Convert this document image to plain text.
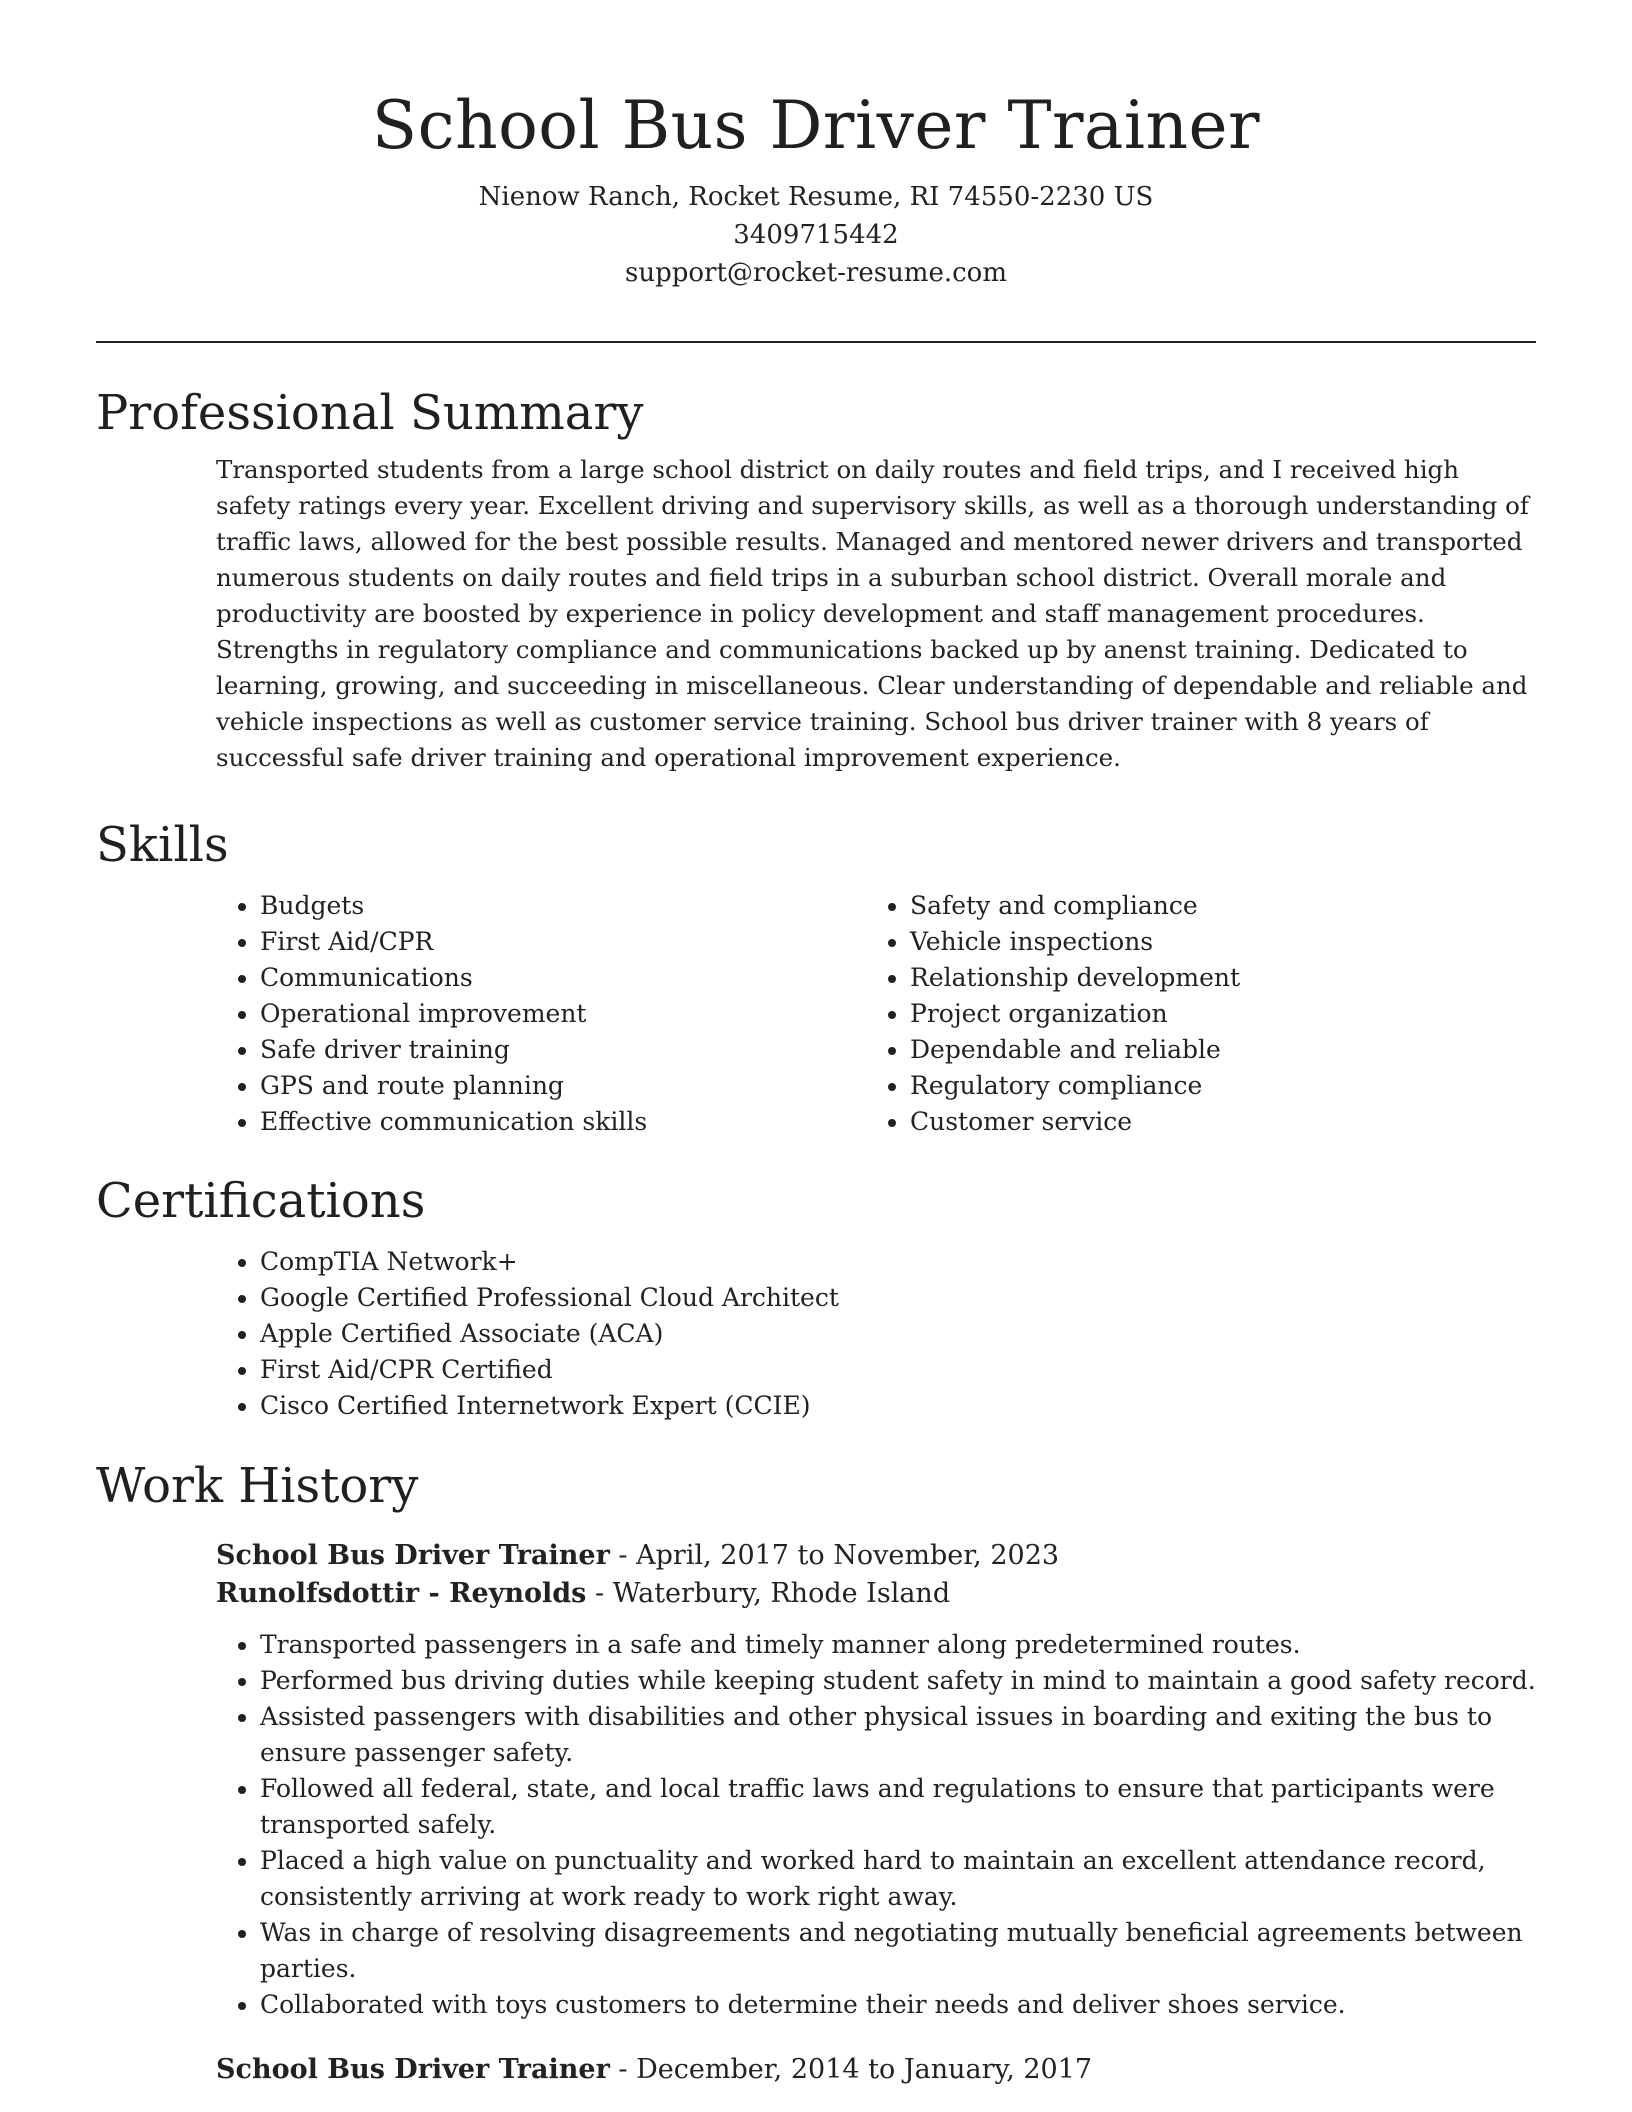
School Bus Driver Trainer
Nienow Ranch, Rocket Resume, RI 74550-2230 US
3409715442
support@rocket-resume.com
Professional Summary
Transported students from a large school district on daily routes and field trips, and I received high safety ratings every year. Excellent driving and supervisory skills, as well as a thorough understanding of traffic laws, allowed for the best possible results. Managed and mentored newer drivers and transported numerous students on daily routes and field trips in a suburban school district. Overall morale and productivity are boosted by experience in policy development and staff management procedures. Strengths in regulatory compliance and communications backed up by anenst training. Dedicated to learning, growing, and succeeding in miscellaneous. Clear understanding of dependable and reliable and vehicle inspections as well as customer service training. School bus driver trainer with 8 years of successful safe driver training and operational improvement experience.
Skills
• Budgets
• First Aid/CPR
• Communications
• Operational improvement
• Safe driver training
• GPS and route planning
• Effective communication skills
• Safety and compliance
• Vehicle inspections
• Relationship development
• Project organization
• Dependable and reliable
• Regulatory compliance
• Customer service
Certifications
• CompTIA Network+
• Google Certified Professional Cloud Architect
• Apple Certified Associate (ACA)
• First Aid/CPR Certified
• Cisco Certified Internetwork Expert (CCIE)
Work History
School Bus Driver Trainer - April, 2017 to November, 2023
Runolfsdottir - Reynolds - Waterbury, Rhode Island
• Transported passengers in a safe and timely manner along predetermined routes.
• Performed bus driving duties while keeping student safety in mind to maintain a good safety record.
• Assisted passengers with disabilities and other physical issues in boarding and exiting the bus to ensure passenger safety.
• Followed all federal, state, and local traffic laws and regulations to ensure that participants were transported safely.
• Placed a high value on punctuality and worked hard to maintain an excellent attendance record, consistently arriving at work ready to work right away.
• Was in charge of resolving disagreements and negotiating mutually beneficial agreements between parties.
• Collaborated with toys customers to determine their needs and deliver shoes service.
School Bus Driver Trainer - December, 2014 to January, 2017
